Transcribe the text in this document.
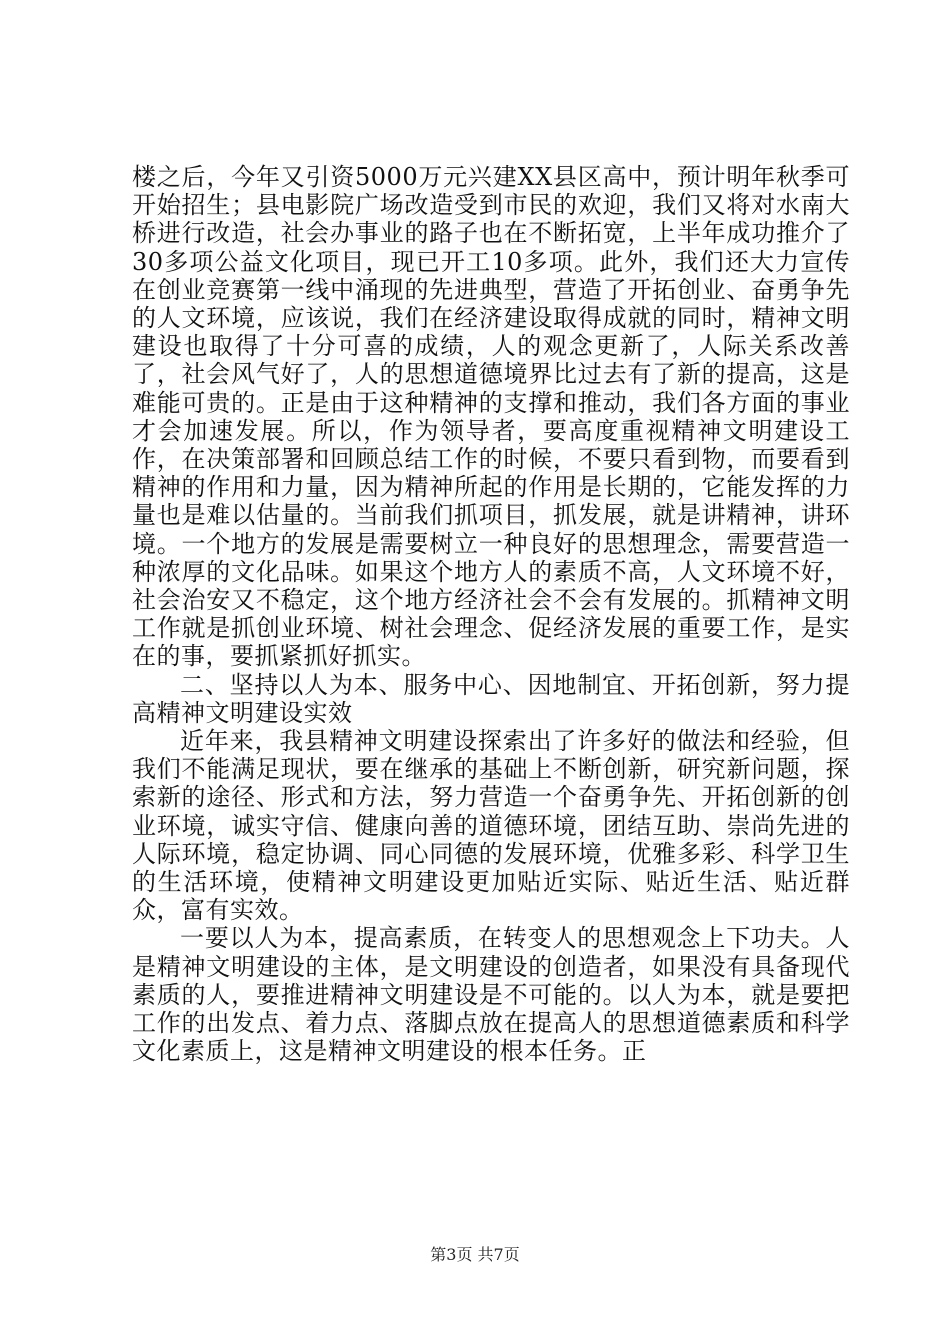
楼之后，今年又引资5000万元兴建XX县区高中，预计明年秋季可开始招生；县电影院广场改造受到市民的欢迎，我们又将对水南大桥进行改造，社会办事业的路子也在不断拓宽，上半年成功推介了30多项公益文化项目，现已开工10多项。此外，我们还大力宣传在创业竞赛第一线中涌现的先进典型，营造了开拓创业、奋勇争先的人文环境，应该说，我们在经济建设取得成就的同时，精神文明建设也取得了十分可喜的成绩，人的观念更新了，人际关系改善了，社会风气好了，人的思想道德境界比过去有了新的提高，这是难能可贵的。正是由于这种精神的支撑和推动，我们各方面的事业才会加速发展。所以，作为领导者，要高度重视精神文明建设工作，在决策部署和回顾总结工作的时候，不要只看到物，而要看到精神的作用和力量，因为精神所起的作用是长期的，它能发挥的力量也是难以估量的。当前我们抓项目，抓发展，就是讲精神，讲环境。一个地方的发展是需要树立一种良好的思想理念，需要营造一种浓厚的文化品味。如果这个地方人的素质不高，人文环境不好，社会治安又不稳定，这个地方经济社会不会有发展的。抓精神文明工作就是抓创业环境、树社会理念、促经济发展的重要工作，是实在的事，要抓紧抓好抓实。

二、坚持以人为本、服务中心、因地制宜、开拓创新，努力提高精神文明建设实效

近年来，我县精神文明建设探索出了许多好的做法和经验，但我们不能满足现状，要在继承的基础上不断创新，研究新问题，探索新的途径、形式和方法，努力营造一个奋勇争先、开拓创新的创业环境，诚实守信、健康向善的道德环境，团结互助、崇尚先进的人际环境，稳定协调、同心同德的发展环境，优雅多彩、科学卫生的生活环境，使精神文明建设更加贴近实际、贴近生活、贴近群众，富有实效。

一要以人为本，提高素质，在转变人的思想观念上下功夫。人是精神文明建设的主体，是文明建设的创造者，如果没有具备现代素质的人，要推进精神文明建设是不可能的。以人为本，就是要把工作的出发点、着力点、落脚点放在提高人的思想道德素质和科学文化素质上，这是精神文明建设的根本任务。正

第3页 共7页
